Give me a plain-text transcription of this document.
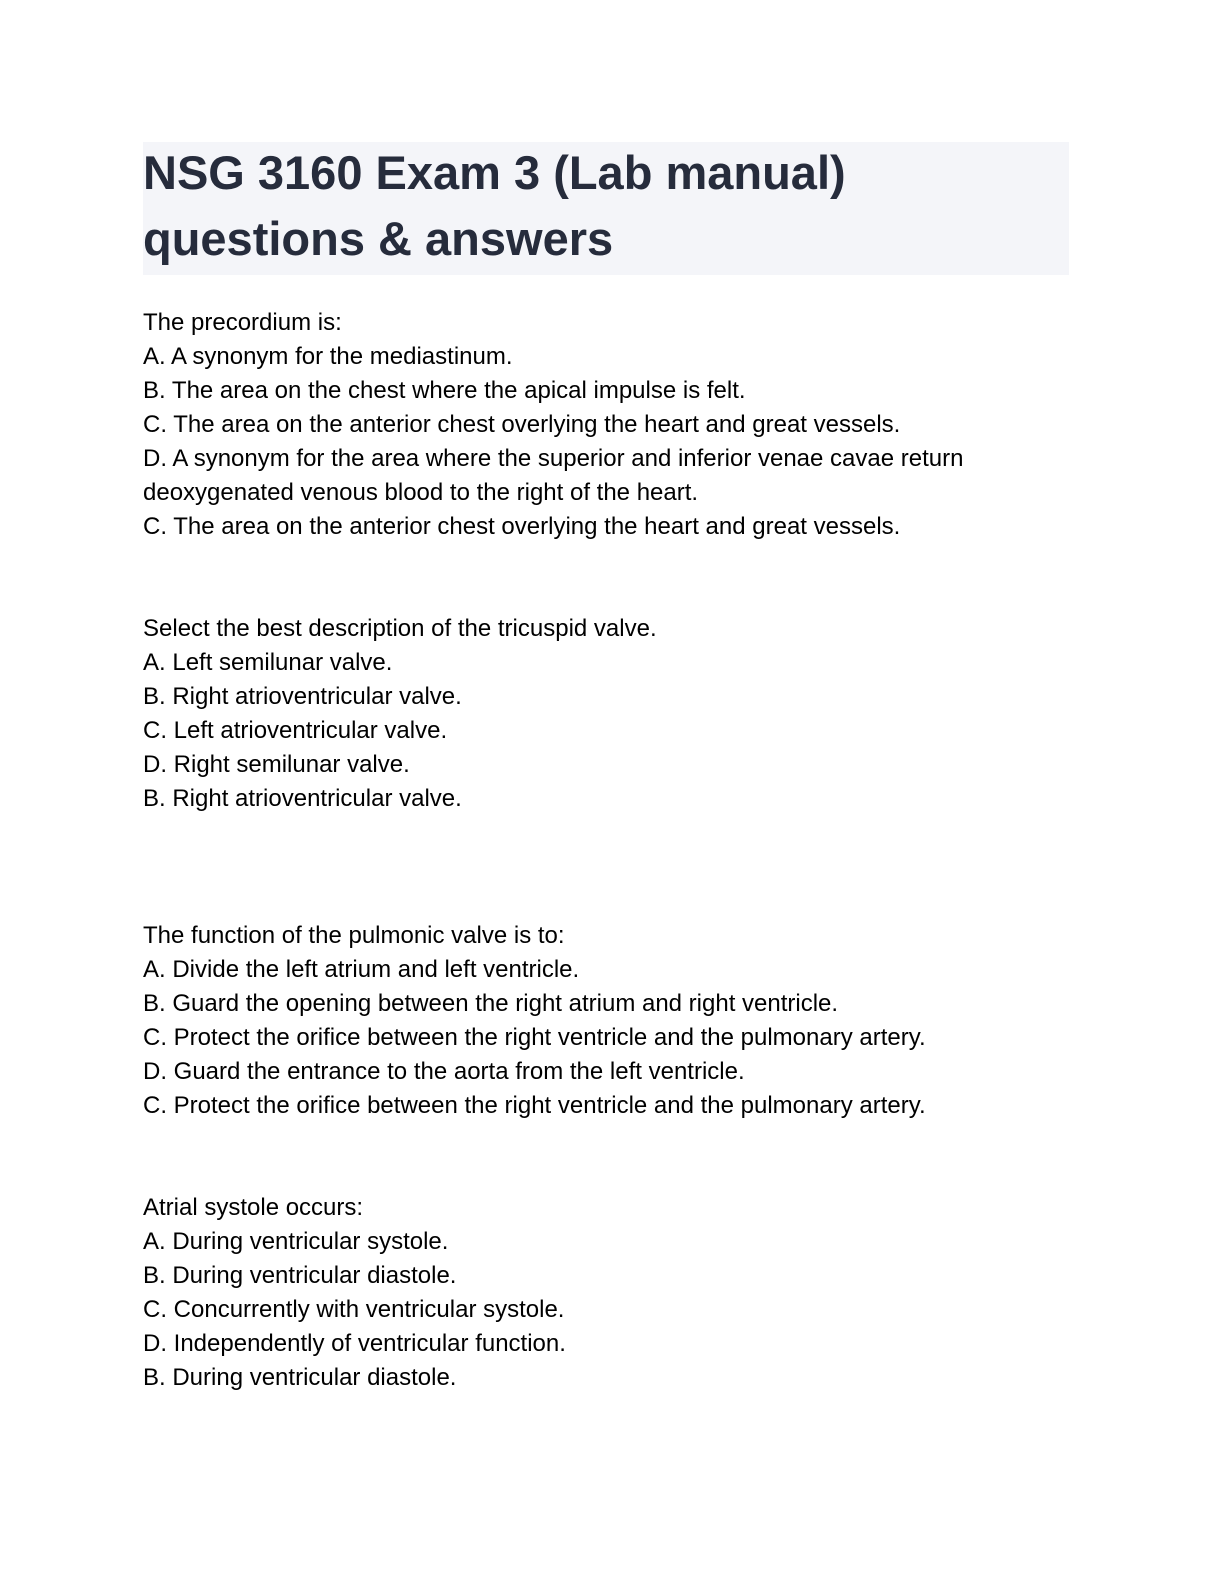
NSG 3160 Exam 3 (Lab manual) questions & answers
The precordium is:
A. A synonym for the mediastinum.
B. The area on the chest where the apical impulse is felt.
C. The area on the anterior chest overlying the heart and great vessels.
D. A synonym for the area where the superior and inferior venae cavae return deoxygenated venous blood to the right of the heart.
C. The area on the anterior chest overlying the heart and great vessels.
Select the best description of the tricuspid valve.
A. Left semilunar valve.
B. Right atrioventricular valve.
C. Left atrioventricular valve.
D. Right semilunar valve.
B. Right atrioventricular valve.
The function of the pulmonic valve is to:
A. Divide the left atrium and left ventricle.
B. Guard the opening between the right atrium and right ventricle.
C. Protect the orifice between the right ventricle and the pulmonary artery.
D. Guard the entrance to the aorta from the left ventricle.
C. Protect the orifice between the right ventricle and the pulmonary artery.
Atrial systole occurs:
A. During ventricular systole.
B. During ventricular diastole.
C. Concurrently with ventricular systole.
D. Independently of ventricular function.
B. During ventricular diastole.
